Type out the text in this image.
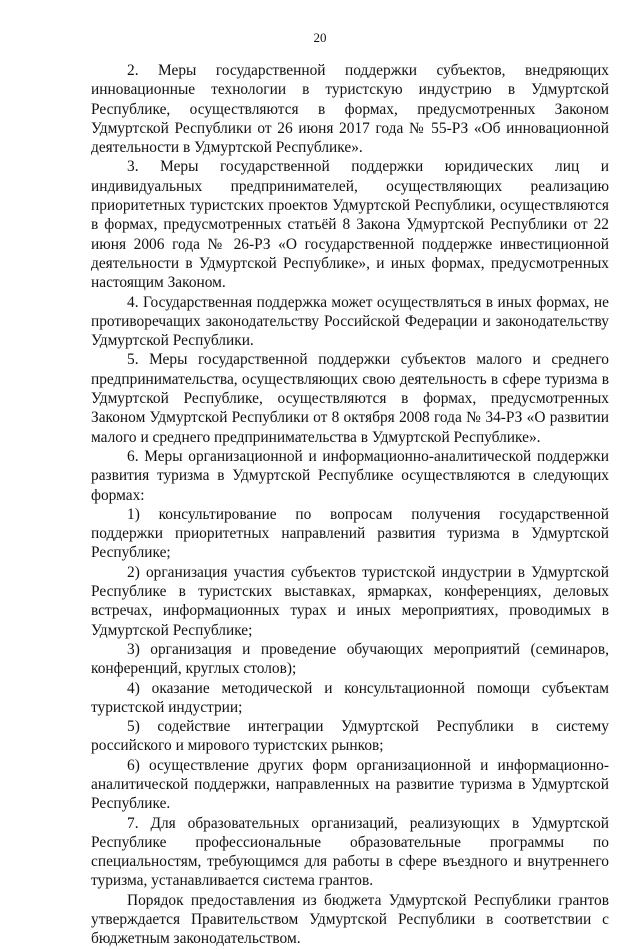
20

2. Меры государственной поддержки субъектов, внедряющих инновационные технологии в туристскую индустрию в Удмуртской Республике, осуществляются в формах, предусмотренных Законом Удмуртской Республики от 26 июня 2017 года № 55-РЗ «Об инновационной деятельности в Удмуртской Республике».

3. Меры государственной поддержки юридических лиц и индивидуальных предпринимателей, осуществляющих реализацию приоритетных туристских проектов Удмуртской Республики, осуществляются в формах, предусмотренных статьёй 8 Закона Удмуртской Республики от 22 июня 2006 года № 26-РЗ «О государственной поддержке инвестиционной деятельности в Удмуртской Республике», и иных формах, предусмотренных настоящим Законом.

4. Государственная поддержка может осуществляться в иных формах, не противоречащих законодательству Российской Федерации и законодательству Удмуртской Республики.

5. Меры государственной поддержки субъектов малого и среднего предпринимательства, осуществляющих свою деятельность в сфере туризма в Удмуртской Республике, осуществляются в формах, предусмотренных Законом Удмуртской Республики от 8 октября 2008 года № 34-РЗ «О развитии малого и среднего предпринимательства в Удмуртской Республике».

6. Меры организационной и информационно-аналитической поддержки развития туризма в Удмуртской Республике осуществляются в следующих формах:

1) консультирование по вопросам получения государственной поддержки приоритетных направлений развития туризма в Удмуртской Республике;

2) организация участия субъектов туристской индустрии в Удмуртской Республике в туристских выставках, ярмарках, конференциях, деловых встречах, информационных турах и иных мероприятиях, проводимых в Удмуртской Республике;

3) организация и проведение обучающих мероприятий (семинаров, конференций, круглых столов);

4) оказание методической и консультационной помощи субъектам туристской индустрии;

5) содействие интеграции Удмуртской Республики в систему российского и мирового туристских рынков;

6) осуществление других форм организационной и информационно-аналитической поддержки, направленных на развитие туризма в Удмуртской Республике.

7. Для образовательных организаций, реализующих в Удмуртской Республике профессиональные образовательные программы по специальностям, требующимся для работы в сфере въездного и внутреннего туризма, устанавливается система грантов.

Порядок предоставления из бюджета Удмуртской Республики грантов утверждается Правительством Удмуртской Республики в соответствии с бюджетным законодательством.
